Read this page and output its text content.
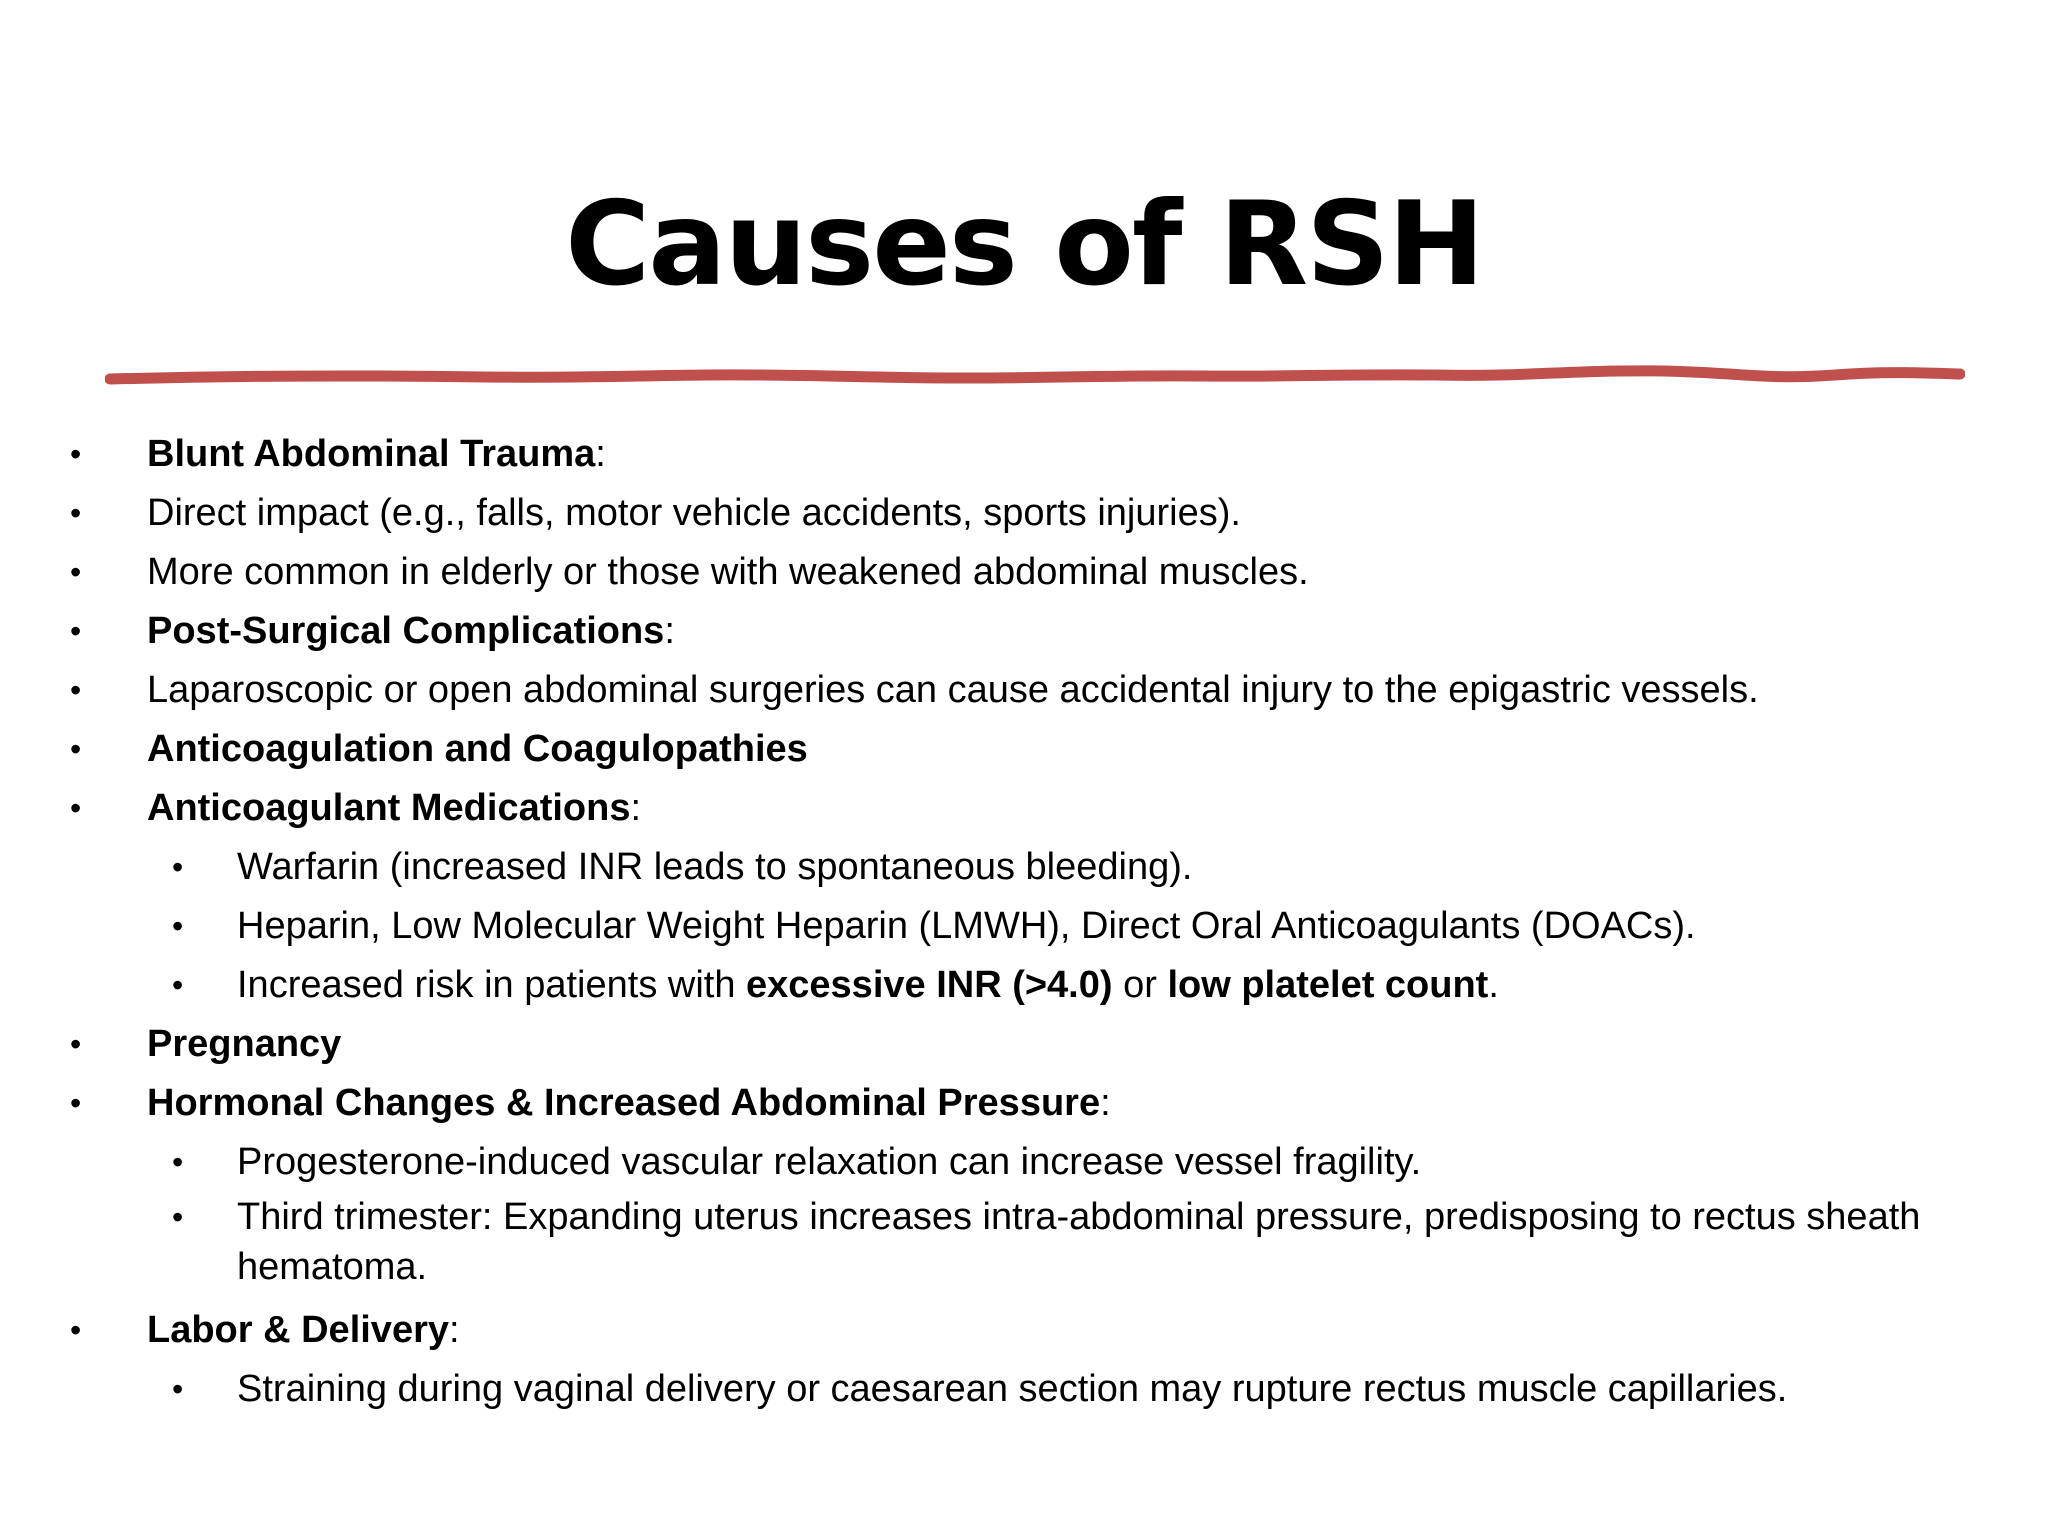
Causes of RSH
• Blunt Abdominal Trauma:
• Direct impact (e.g., falls, motor vehicle accidents, sports injuries).
• More common in elderly or those with weakened abdominal muscles.
• Post-Surgical Complications:
• Laparoscopic or open abdominal surgeries can cause accidental injury to the epigastric vessels.
• Anticoagulation and Coagulopathies
• Anticoagulant Medications:
• Warfarin (increased INR leads to spontaneous bleeding).
• Heparin, Low Molecular Weight Heparin (LMWH), Direct Oral Anticoagulants (DOACs).
• Increased risk in patients with excessive INR (>4.0) or low platelet count.
• Pregnancy
• Hormonal Changes & Increased Abdominal Pressure:
• Progesterone-induced vascular relaxation can increase vessel fragility.
• Third trimester: Expanding uterus increases intra-abdominal pressure, predisposing to rectus sheath hematoma.
• Labor & Delivery:
• Straining during vaginal delivery or caesarean section may rupture rectus muscle capillaries.
